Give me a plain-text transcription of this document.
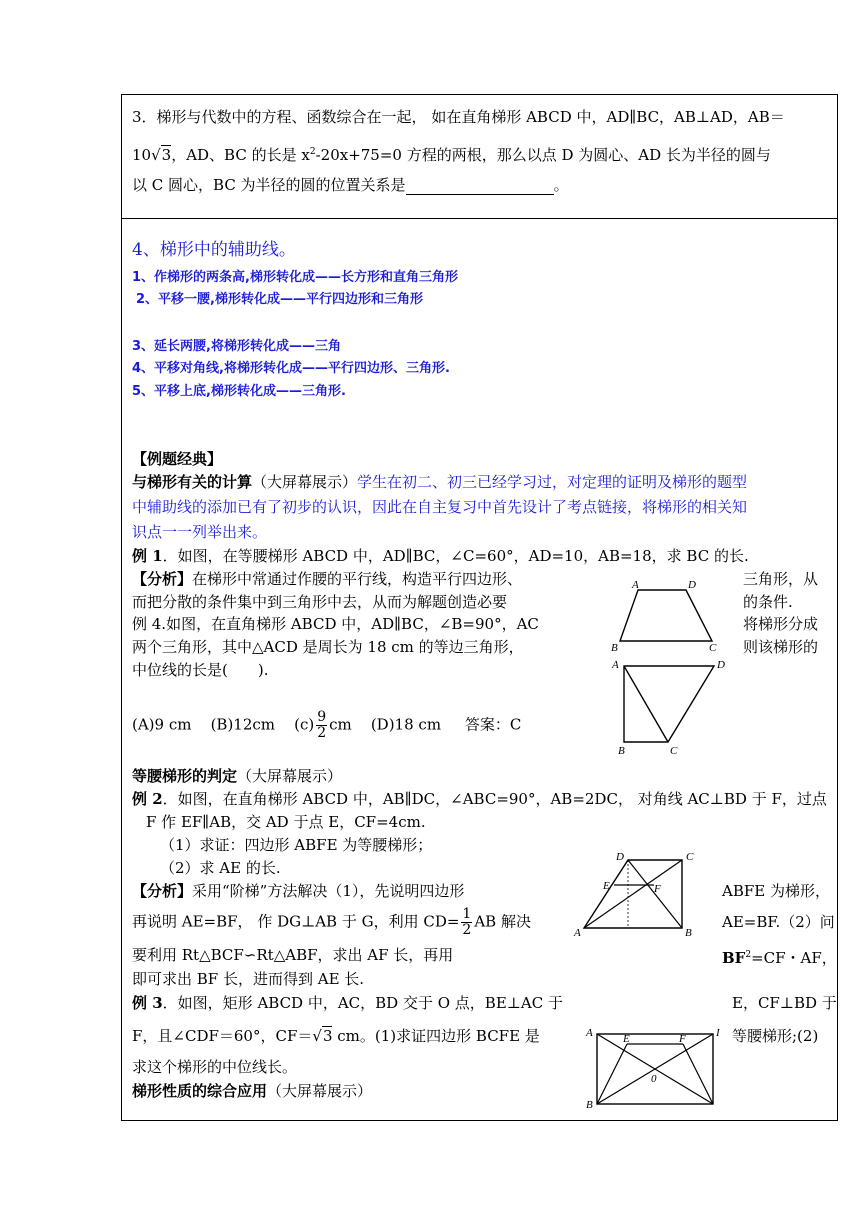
3．梯形与代数中的方程、函数综合在一起， 如在直角梯形 ABCD 中，AD∥BC，AB⊥AD，AB＝
10√3，AD、BC 的长是 $x^2-20x+75=0$ 方程的两根，那么以点 D 为圆心、AD 长为半径的圆与
以 C 圆心，BC 为半径的圆的位置关系是	。
4、梯形中的辅助线。
1、作梯形的两条高,梯形转化成——长方形和直角三角形
2、平移一腰,梯形转化成——平行四边形和三角形
3、延长两腰,将梯形转化成——三角
4、平移对角线,将梯形转化成——平行四边形、三角形.
5、平移上底,梯形转化成——三角形.
【例题经典】
与梯形有关的计算（大屏幕展示）学生在初二、初三已经学习过，对定理的证明及梯形的题型
中辅助线的添加已有了初步的认识，因此在自主复习中首先设计了考点链接，将梯形的相关知
识点一一列举出来。
例 1．如图，在等腰梯形 ABCD 中，AD∥BC，∠C=60°，AD=10，AB=18，求 BC 的长.
【分析】在梯形中常通过作腰的平行线，构造平行四边形、	三角形，从
而把分散的条件集中到三角形中去，从而为解题创造必要	的条件.
例 4.如图，在直角梯形 ABCD 中，AD∥BC，∠B=90°，AC	将梯形分成
两个三角形，其中△ACD 是周长为 18 cm 的等边三角形，	则该梯形的
中位线的长是(　　).
(A)9 cm (B)12cm $(c) \frac{9}{2}$ cm (D)18 cm 答案：C
等腰梯形的判定（大屏幕展示）
例 2．如图，在直角梯形 ABCD 中，AB∥DC，∠ABC=90°，AB=2DC， 对角线 AC⊥BD 于 F，过点
F 作 EF∥AB，交 AD 于点 E，CF=4cm.
（1）求证：四边形 ABFE 为等腰梯形；
（2）求 AE 的长.
【分析】采用“阶梯”方法解决（1），先说明四边形	ABFE 为梯形，
再说明 AE=BF， 作 DG⊥AB 于 G，利用 $CD= \frac{1}{2}$ AB 解决	AE=BF.（2）问
要利用 Rt△BCF∽Rt△ABF，求出 AF 长，再用	$BF^2=CF$・AF，
即可求出 BF 长，进而得到 AE 长.
例 3．如图，矩形 ABCD 中，AC，BD 交于 O 点，BE⊥AC 于	E，CF⊥BD 于
F，且∠CDF＝60°，CF＝√3 cm。(1)求证四边形 BCFE 是	等腰梯形;(2)
求这个梯形的中位线长。
梯形性质的综合应用（大屏幕展示）
A	D
B	C
A	D
B	C
D	C
E	F
A	B
A	I
E	F
0
B
